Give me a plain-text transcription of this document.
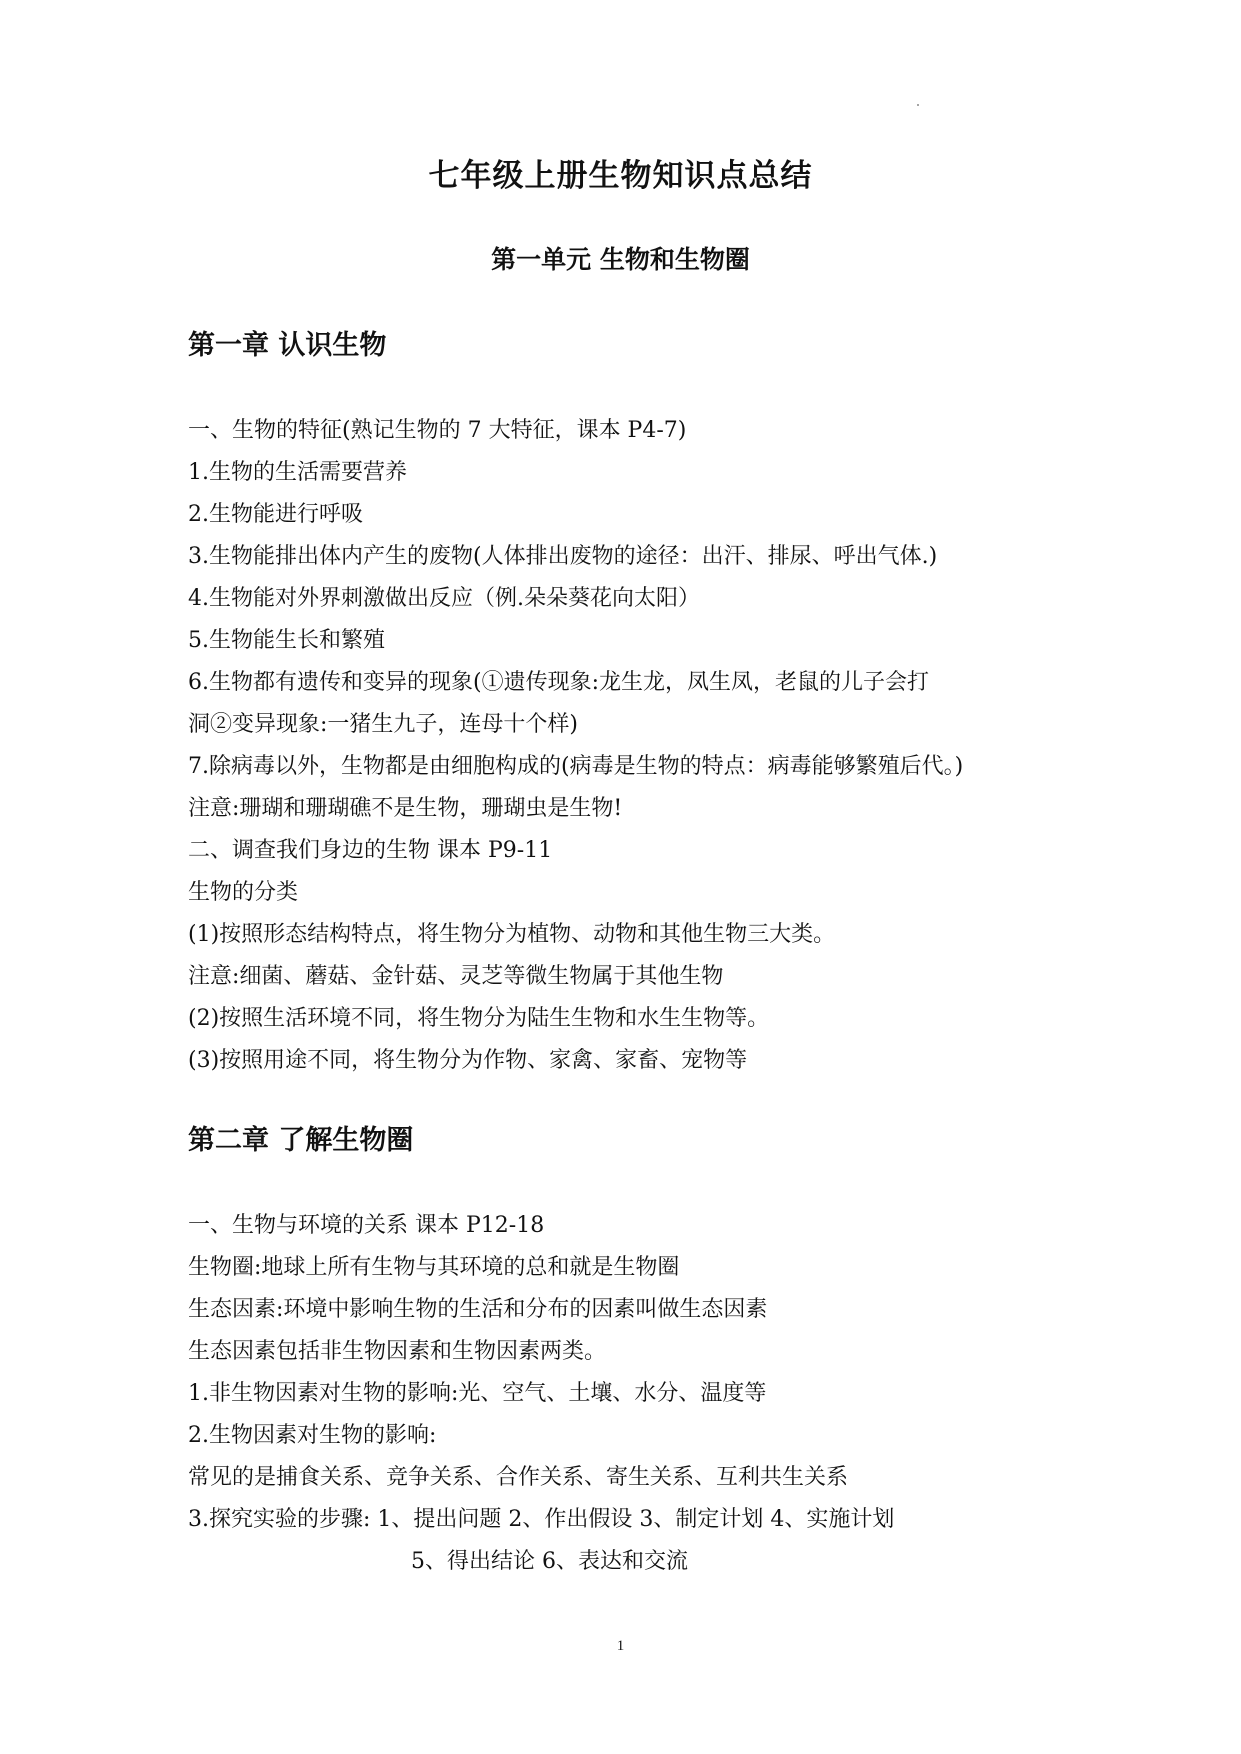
七年级上册生物知识点总结
第一单元 生物和生物圈
第一章 认识生物
一、生物的特征(熟记生物的 7 大特征，课本 P4-7)
1.生物的生活需要营养
2.生物能进行呼吸
3.生物能排出体内产生的废物(人体排出废物的途径：出汗、排尿、呼出气体.)
4.生物能对外界刺激做出反应（例.朵朵葵花向太阳）
5.生物能生长和繁殖
6.生物都有遗传和变异的现象(①遗传现象:龙生龙，凤生凤，老鼠的儿子会打
洞②变异现象:一猪生九子，连母十个样)
7.除病毒以外，生物都是由细胞构成的(病毒是生物的特点：病毒能够繁殖后代。)
注意:珊瑚和珊瑚礁不是生物，珊瑚虫是生物!
二、调查我们身边的生物 课本 P9-11
生物的分类
(1)按照形态结构特点，将生物分为植物、动物和其他生物三大类。
注意:细菌、蘑菇、金针菇、灵芝等微生物属于其他生物
(2)按照生活环境不同，将生物分为陆生生物和水生生物等。
(3)按照用途不同，将生物分为作物、家禽、家畜、宠物等
第二章 了解生物圈
一、生物与环境的关系 课本 P12-18
生物圈:地球上所有生物与其环境的总和就是生物圈
生态因素:环境中影响生物的生活和分布的因素叫做生态因素
生态因素包括非生物因素和生物因素两类。
1.非生物因素对生物的影响:光、空气、土壤、水分、温度等
2.生物因素对生物的影响:
常见的是捕食关系、竞争关系、合作关系、寄生关系、互利共生关系
3.探究实验的步骤: 1、提出问题 2、作出假设 3、制定计划 4、实施计划
5、得出结论 6、表达和交流
1
